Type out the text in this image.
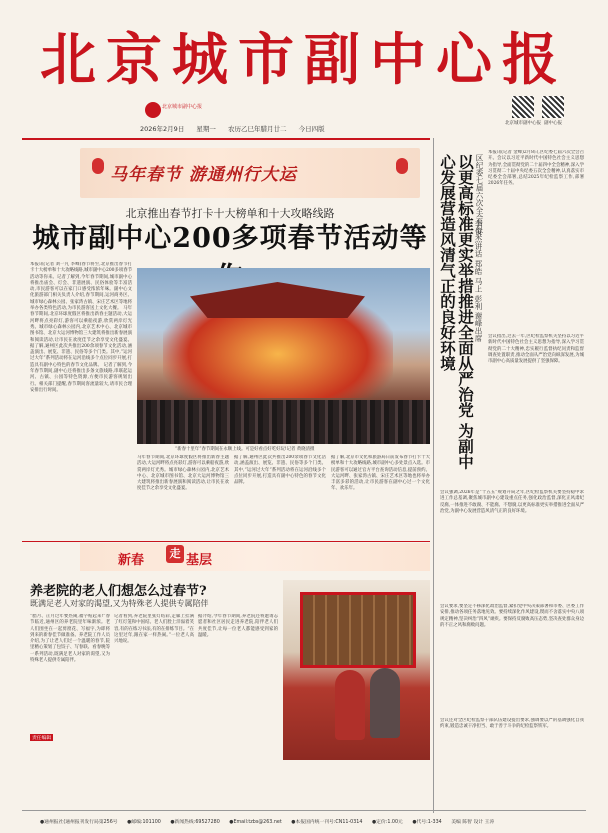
北京城市副中心报
北京城市副中心报
北京城市副中心报 副中心报
2026年2月9日 星期一 农历乙巳年腊月廿二 今日四版
马年春节 游通州行大运
北京推出春节打卡十大榜单和十大攻略线路
城市副中心200多项春节活动等
本报讯(记者 刘一凡 李峰)春节将至,北京推出春节打卡十大榜单和十大攻略线路,城市副中心200多项春节活动等你来。记者了解到,今年春节期间,城市副中心将推出庙会、灯会、非遗展演、民俗体验等丰富活动,市民游客可以在家门口感受浓浓年味。副中心文化旅游部门相关负责人介绍,春节期间,运河商务区、城市绿心森林公园、张家湾古镇、宋庄艺术区等地将举办各类特色活动,为市民游客送上文化大餐。 马年春节期间,北京环球度假区将推出新春主题活动,大运河畔将点亮彩灯,游客可以乘船夜游,欣赏两岸灯光秀。城市绿心森林公园内,北京艺术中心、北京城市图书馆、北京大运河博物馆三大建筑将推出新春展演和阅读活动,让市民在欢度佳节之余享受文化盛宴。 据了解,通州区此次共推出200余项春节文化活动,涵盖演出、展览、非遗、民俗等多个门类。其中,“运河过大年”系列活动将在运河沿线多个点位同步开展,打造具有副中心特色的春节文化品牌。 记者了解到,今年春节期间,副中心还将推出多条文旅线路,串联起运河、古镇、公园等特色资源,方便市民游客规划出行。相关部门提醒,春节期间客流量较大,请市民合理安排出行时间。
“新春十里年”春节期间在永顺上线。可是好看点好吃好玩!记者 黄晓清摄
马年春节期间,北京环球度假区将推出新春主题活动,大运河畔将点亮彩灯,游客可以乘船夜游,欣赏两岸灯光秀。城市绿心森林公园内,北京艺术中心、北京城市图书馆、北京大运河博物馆三大建筑将推出新春展演和阅读活动,让市民在欢度佳节之余享受文化盛宴。
据了解,通州区此次共推出200余项春节文化活动,涵盖演出、展览、非遗、民俗等多个门类。其中,“运河过大年”系列活动将在运河沿线多个点位同步开展,打造具有副中心特色的春节文化品牌。
据了解,北京市文化和旅游局日前发布春节打卡十大榜单和十大攻略线路,城市副中心多处景点入选。市民游客可以通过官方平台查询活动信息,提前预约。 大运河畔、张家湾古镇、宋庄艺术区等地也将举办丰富多彩的活动,让市民游客在副中心过一个文化年、欢乐年。
新春	走 基层
养老院的老人们想怎么过春节?
既满足老人对家的渴望,又为特殊老人提供专属陪伴
“腊月、正月过年要热闹,福字贴起来!”春节临近,通州区的养老院里年味渐浓。老人们围坐在一起剪窗花、写福字,为即将到来的新春佳节做准备。养老院工作人员介绍,为了让老人们过一个温暖的春节,院里精心策划了包饺子、写春联、看春晚等一系列活动,既满足老人对家的渴望,又为特殊老人提供专属陪伴。
记者看到,养老院里张灯结彩,走廊上挂满了红灯笼和中国结。老人们脸上洋溢着笑容,有的在练习书法,有的在排练节目。“在这里过年,跟在家一样热闹。”一位老人高兴地说。
据介绍,今年春节期间,养老院还将邀请志愿者和社区居民走进养老院,陪伴老人们共度佳节,让每一位老人都能感受到家的温暖。
责任编辑
区纪委七届六次全会召开
以更高标准更实举措推进全面从严治党 为副中心发展营造风清气正的良好环境
本报讯(记者 金峰)2月8日,区纪委七届六次全会召开。会议以习近平新时代中国特色社会主义思想为指导,全面贯彻党的二十届四中全会精神,深入学习贯彻二十届中央纪委五次全会精神,认真落实市纪委全会部署,总结2025年纪检监察工作,部署2026年任务。
会议指出,过去一年,区纪检监察机关坚持以习近平新时代中国特色社会主义思想为指导,深入学习贯彻党的二十大精神,忠实履行监督执纪问责和监督调查处置职责,推动全面从严治党向纵深发展,为城市副中心高质量发展提供了坚强保障。
会议强调,2026年是“十五五”规划开局之年,区纪检监察机关要坚持稳中求进工作总基调,聚焦城市副中心建设重点任务,强化政治监督,深化正风肃纪反腐,一体推进不敢腐、不能腐、不想腐,以更高标准更实举措推进全面从严治党,为副中心发展营造风清气正的良好环境。
会议要求,要坚定不移深化政治监督,紧扣党中央决策部署和市委、区委工作安排,推动各项任务落地见效。要持续深化作风建设,锲而不舍落实中央八项规定精神,坚决纠治“四风”顽疾。要保持反腐败高压态势,坚决查处群众身边的不正之风和腐败问题。
会议还对全区纪检监察干部队伍建设提出要求,强调要以严的基调强化自我约束,锻造忠诚干净担当、敢于善于斗争的纪检监察铁军。
李俊杰讲话 郑皓 马上 彭利 谢峰出席
●通州报社(通州报刊发行局第256号 ●邮编:101100 ●新闻热线:69527280 ●Email:tzbs@263.net ●本报国内统一刊号:CN11-0314 ●定价:1.00元 ●代号:1-334 美编 陈智 设计 王涛
